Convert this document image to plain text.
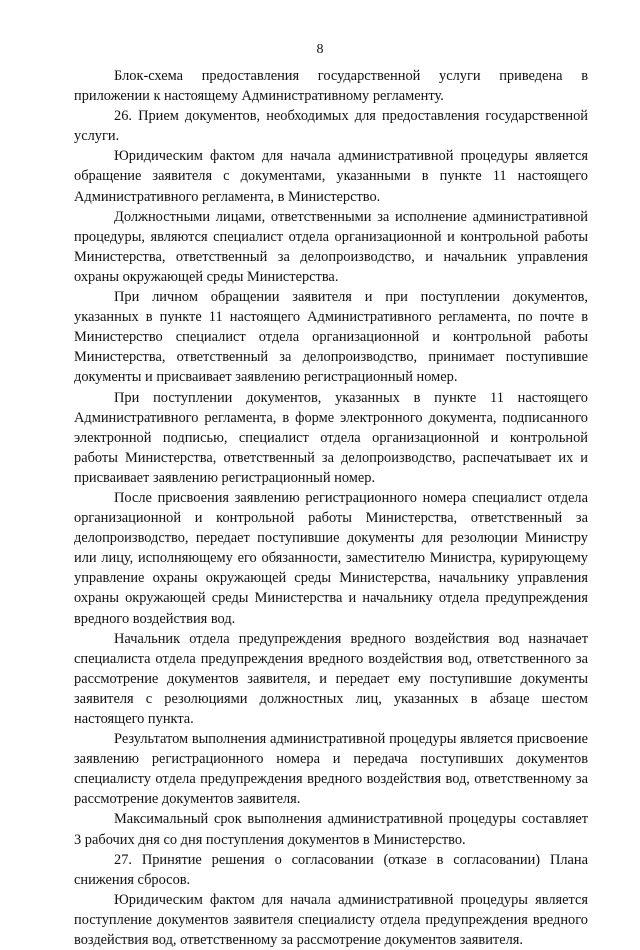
8

Блок-схема предоставления государственной услуги приведена в приложении к настоящему Административному регламенту.

26. Прием документов, необходимых для предоставления государственной услуги.

Юридическим фактом для начала административной процедуры является обращение заявителя с документами, указанными в пункте 11 настоящего Административного регламента, в Министерство.

Должностными лицами, ответственными за исполнение административной процедуры, являются специалист отдела организационной и контрольной работы Министерства, ответственный за делопроизводство, и начальник управления охраны окружающей среды Министерства.

При личном обращении заявителя и при поступлении документов, указанных в пункте 11 настоящего Административного регламента, по почте в Министерство специалист отдела организационной и контрольной работы Министерства, ответственный за делопроизводство, принимает поступившие документы и присваивает заявлению регистрационный номер.

При поступлении документов, указанных в пункте 11 настоящего Административного регламента, в форме электронного документа, подписанного электронной подписью, специалист отдела организационной и контрольной работы Министерства, ответственный за делопроизводство, распечатывает их и присваивает заявлению регистрационный номер.

После присвоения заявлению регистрационного номера специалист отдела организационной и контрольной работы Министерства, ответственный за делопроизводство, передает поступившие документы для резолюции Министру или лицу, исполняющему его обязанности, заместителю Министра, курирующему управление охраны окружающей среды Министерства, начальнику управления охраны окружающей среды Министерства и начальнику отдела предупреждения вредного воздействия вод.

Начальник отдела предупреждения вредного воздействия вод назначает специалиста отдела предупреждения вредного воздействия вод, ответственного за рассмотрение документов заявителя, и передает ему поступившие документы заявителя с резолюциями должностных лиц, указанных в абзаце шестом настоящего пункта.

Результатом выполнения административной процедуры является присвоение заявлению регистрационного номера и передача поступивших документов специалисту отдела предупреждения вредного воздействия вод, ответственному за рассмотрение документов заявителя.

Максимальный срок выполнения административной процедуры составляет 3 рабочих дня со дня поступления документов в Министерство.

27. Принятие решения о согласовании (отказе в согласовании) Плана снижения сбросов.

Юридическим фактом для начала административной процедуры является поступление документов заявителя специалисту отдела предупреждения вредного воздействия вод, ответственному за рассмотрение документов заявителя.
